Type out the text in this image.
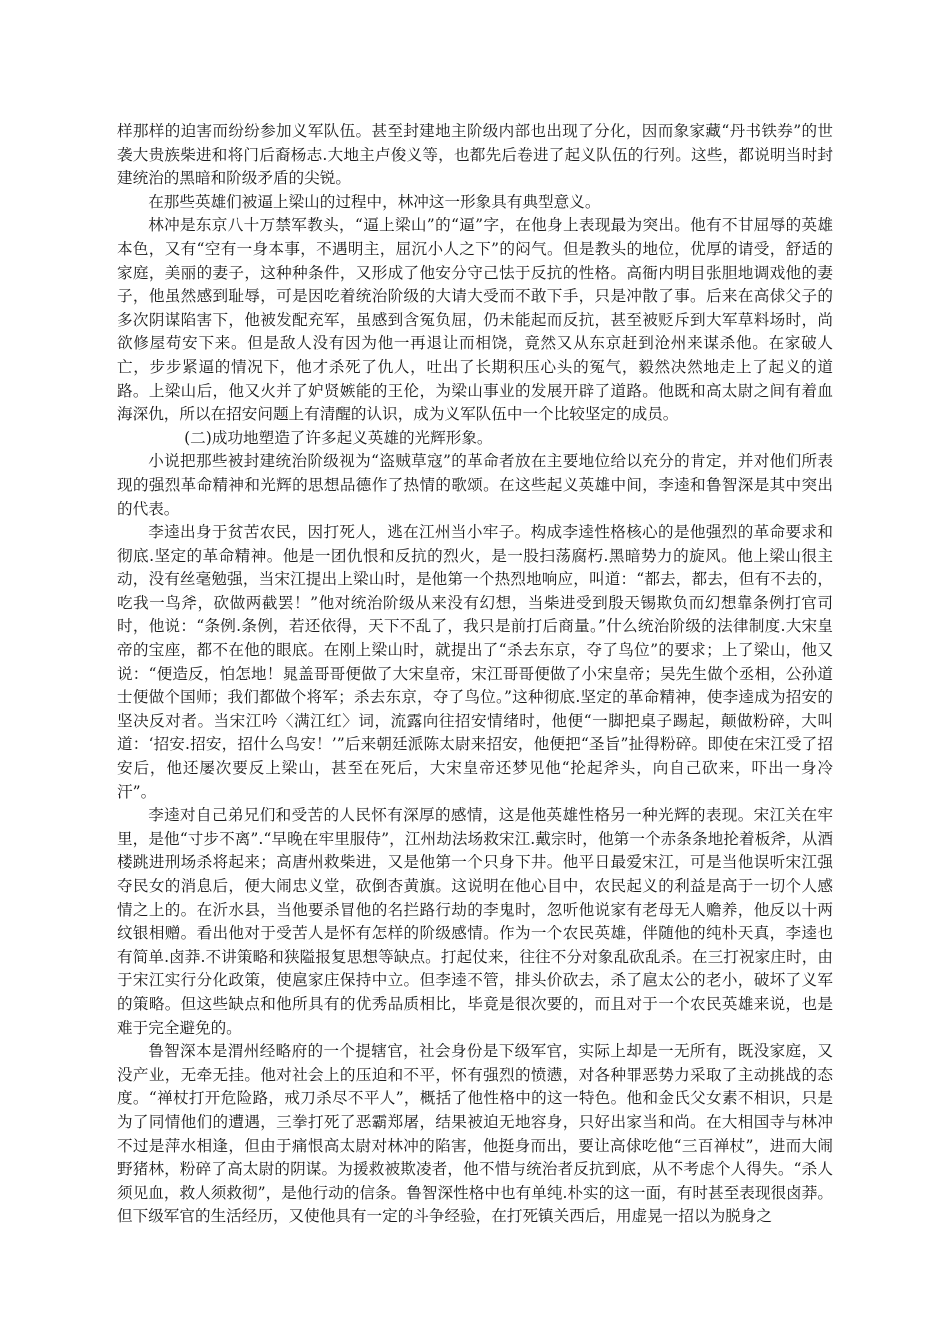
样那样的迫害而纷纷参加义军队伍。甚至封建地主阶级内部也出现了分化，因而象家藏“丹书铁券”的世袭大贵族柴进和将门后裔杨志.大地主卢俊义等，也都先后卷进了起义队伍的行列。这些，都说明当时封建统治的黑暗和阶级矛盾的尖锐。

在那些英雄们被逼上梁山的过程中，林冲这一形象具有典型意义。

林冲是东京八十万禁军教头，“逼上梁山”的“逼”字，在他身上表现最为突出。他有不甘屈辱的英雄本色，又有“空有一身本事，不遇明主，屈沉小人之下”的闷气。但是教头的地位，优厚的请受，舒适的家庭，美丽的妻子，这种种条件，又形成了他安分守己怯于反抗的性格。高衙内明目张胆地调戏他的妻子，他虽然感到耻辱，可是因吃着统治阶级的大请大受而不敢下手，只是冲散了事。后来在高俅父子的多次阴谋陷害下，他被发配充军，虽感到含冤负屈，仍未能起而反抗，甚至被贬斥到大军草料场时，尚欲修屋苟安下来。但是敌人没有因为他一再退让而相饶，竟然又从东京赶到沧州来谋杀他。在家破人亡，步步紧逼的情况下，他才杀死了仇人，吐出了长期积压心头的冤气，毅然决然地走上了起义的道路。上梁山后，他又火并了妒贤嫉能的王伦，为梁山事业的发展开辟了道路。他既和高太尉之间有着血海深仇，所以在招安问题上有清醒的认识，成为义军队伍中一个比较坚定的成员。

(二)成功地塑造了许多起义英雄的光辉形象。

小说把那些被封建统治阶级视为“盗贼草寇”的革命者放在主要地位给以充分的肯定，并对他们所表现的强烈革命精神和光辉的思想品德作了热情的歌颂。在这些起义英雄中间，李逵和鲁智深是其中突出的代表。

李逵出身于贫苦农民，因打死人，逃在江州当小牢子。构成李逵性格核心的是他强烈的革命要求和彻底.坚定的革命精神。他是一团仇恨和反抗的烈火，是一股扫荡腐朽.黑暗势力的旋风。他上梁山很主动，没有丝毫勉强，当宋江提出上梁山时，是他第一个热烈地响应，叫道：“都去，都去，但有不去的，吃我一鸟斧，砍做两截罢！”他对统治阶级从来没有幻想，当柴进受到殷天锡欺负而幻想靠条例打官司时，他说：“条例.条例，若还依得，天下不乱了，我只是前打后商量。”什么统治阶级的法律制度.大宋皇帝的宝座，都不在他的眼底。在刚上梁山时，就提出了“杀去东京，夺了鸟位”的要求；上了梁山，他又说：“便造反，怕怎地！晁盖哥哥便做了大宋皇帝，宋江哥哥便做了小宋皇帝；吴先生做个丞相，公孙道士便做个国师；我们都做个将军；杀去东京，夺了鸟位。”这种彻底.坚定的革命精神，使李逵成为招安的坚决反对者。当宋江吟〈满江红〉词，流露向往招安情绪时，他便“一脚把桌子踢起，颠做粉碎，大叫道：‘招安.招安，招什么鸟安！’”后来朝廷派陈太尉来招安，他便把“圣旨”扯得粉碎。即使在宋江受了招安后，他还屡次要反上梁山，甚至在死后，大宋皇帝还梦见他“抡起斧头，向自己砍来，吓出一身冷汗”。

李逵对自己弟兄们和受苦的人民怀有深厚的感情，这是他英雄性格另一种光辉的表现。宋江关在牢里，是他“寸步不离”.“早晚在牢里服侍”，江州劫法场救宋江.戴宗时，他第一个赤条条地抡着板斧，从酒楼跳进刑场杀将起来；高唐州救柴进，又是他第一个只身下井。他平日最爱宋江，可是当他误听宋江强夺民女的消息后，便大闹忠义堂，砍倒杏黄旗。这说明在他心目中，农民起义的利益是高于一切个人感情之上的。在沂水县，当他要杀冒他的名拦路行劫的李鬼时，忽听他说家有老母无人赡养，他反以十两纹银相赠。看出他对于受苦人是怀有怎样的阶级感情。作为一个农民英雄，伴随他的纯朴天真，李逵也有简单.卤莽.不讲策略和狭隘报复思想等缺点。打起仗来，往往不分对象乱砍乱杀。在三打祝家庄时，由于宋江实行分化政策，使扈家庄保持中立。但李逵不管，排头价砍去，杀了扈太公的老小，破坏了义军的策略。但这些缺点和他所具有的优秀品质相比，毕竟是很次要的，而且对于一个农民英雄来说，也是难于完全避免的。

鲁智深本是渭州经略府的一个提辖官，社会身份是下级军官，实际上却是一无所有，既没家庭，又没产业，无牵无挂。他对社会上的压迫和不平，怀有强烈的愤懑，对各种罪恶势力采取了主动挑战的态度。“禅杖打开危险路，戒刀杀尽不平人”，概括了他性格中的这一特色。他和金氏父女素不相识，只是为了同情他们的遭遇，三拳打死了恶霸郑屠，结果被迫无地容身，只好出家当和尚。在大相国寺与林冲不过是萍水相逢，但由于痛恨高太尉对林冲的陷害，他挺身而出，要让高俅吃他“三百禅杖”，进而大闹野猪林，粉碎了高太尉的阴谋。为援救被欺凌者，他不惜与统治者反抗到底，从不考虑个人得失。“杀人须见血，救人须救彻”，是他行动的信条。鲁智深性格中也有单纯.朴实的这一面，有时甚至表现很卤莽。但下级军官的生活经历，又使他具有一定的斗争经验，在打死镇关西后，用虚晃一招以为脱身之
